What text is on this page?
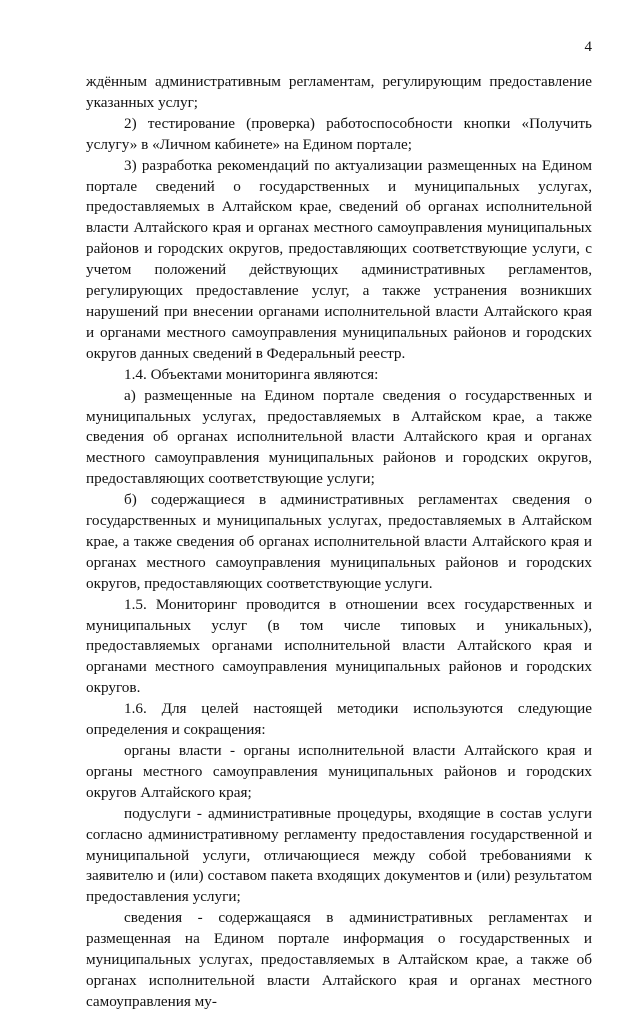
4

ждённым административным регламентам, регулирующим предоставление указанных услуг;

2) тестирование (проверка) работоспособности кнопки «Получить услугу» в «Личном кабинете» на Едином портале;

3) разработка рекомендаций по актуализации размещенных на Едином портале сведений о государственных и муниципальных услугах, предоставляемых в Алтайском крае, сведений об органах исполнительной власти Алтайского края и органах местного самоуправления муниципальных районов и городских округов, предоставляющих соответствующие услуги, с учетом положений действующих административных регламентов, регулирующих предоставление услуг, а также устранения возникших нарушений при внесении органами исполнительной власти Алтайского края и органами местного самоуправления муниципальных районов и городских округов данных сведений в Федеральный реестр.

1.4. Объектами мониторинга являются:

а) размещенные на Едином портале сведения о государственных и муниципальных услугах, предоставляемых в Алтайском крае, а также сведения об органах исполнительной власти Алтайского края и органах местного самоуправления муниципальных районов и городских округов, предоставляющих соответствующие услуги;

б) содержащиеся в административных регламентах сведения о государственных и муниципальных услугах, предоставляемых в Алтайском крае, а также сведения об органах исполнительной власти Алтайского края и органах местного самоуправления муниципальных районов и городских округов, предоставляющих соответствующие услуги.

1.5. Мониторинг проводится в отношении всех государственных и муниципальных услуг (в том числе типовых и уникальных), предоставляемых органами исполнительной власти Алтайского края и органами местного самоуправления муниципальных районов и городских округов.

1.6. Для целей настоящей методики используются следующие определения и сокращения:

органы власти - органы исполнительной власти Алтайского края и органы местного самоуправления муниципальных районов и городских округов Алтайского края;

подуслуги - административные процедуры, входящие в состав услуги согласно административному регламенту предоставления государственной и муниципальной услуги, отличающиеся между собой требованиями к заявителю и (или) составом пакета входящих документов и (или) результатом предоставления услуги;

сведения - содержащаяся в административных регламентах и размещенная на Едином портале информация о государственных и муниципальных услугах, предоставляемых в Алтайском крае, а также об органах исполнительной власти Алтайского края и органах местного самоуправления му-
